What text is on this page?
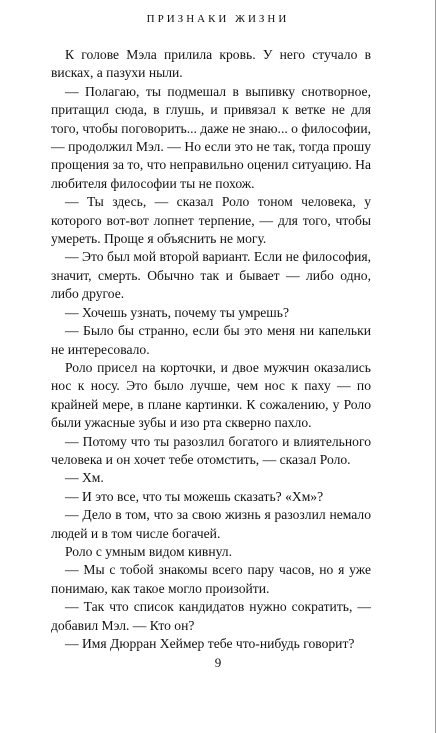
ПРИЗНАКИ ЖИЗНИ

К голове Мэла прилила кровь. У него стучало в висках, а пазухи ныли.

— Полагаю, ты подмешал в выпивку снотворное, притащил сюда, в глушь, и привязал к ветке не для того, чтобы поговорить... даже не знаю... о философии, — продолжил Мэл. — Но если это не так, тогда прошу прощения за то, что неправильно оценил ситуацию. На любителя философии ты не похож.

— Ты здесь, — сказал Роло тоном человека, у которого вот-вот лопнет терпение, — для того, чтобы умереть. Проще я объяснить не могу.

— Это был мой второй вариант. Если не философия, значит, смерть. Обычно так и бывает — либо одно, либо другое.

— Хочешь узнать, почему ты умрешь?

— Было бы странно, если бы это меня ни капельки не интересовало.

Роло присел на корточки, и двое мужчин оказались нос к носу. Это было лучше, чем нос к паху — по крайней мере, в плане картинки. К сожалению, у Роло были ужасные зубы и изо рта скверно пахло.

— Потому что ты разозлил богатого и влиятельного человека и он хочет тебе отомстить, — сказал Роло.

— Хм.

— И это все, что ты можешь сказать? «Хм»?

— Дело в том, что за свою жизнь я разозлил немало людей и в том числе богачей.

Роло с умным видом кивнул.

— Мы с тобой знакомы всего пару часов, но я уже понимаю, как такое могло произойти.

— Так что список кандидатов нужно сократить, — добавил Мэл. — Кто он?

— Имя Дюрран Хеймер тебе что-нибудь говорит?

9
